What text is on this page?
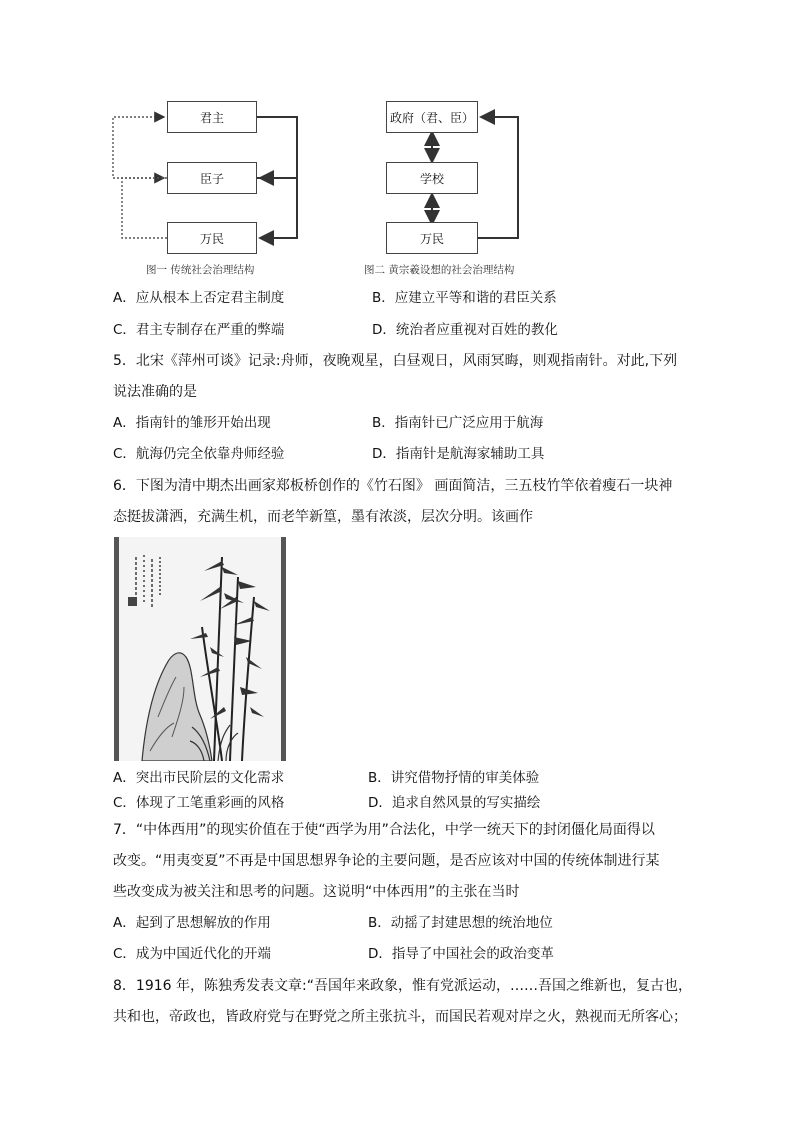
君主
臣子
万民
图一 传统社会治理结构
政府（君、臣）
学校
万民
图二 黄宗羲设想的社会治理结构
A．应从根本上否定君主制度	B．应建立平等和谐的君臣关系
C．君主专制存在严重的弊端	D．统治者应重视对百姓的教化
5．北宋《萍州可谈》记录:舟师，夜晚观星，白昼观日，风雨冥晦，则观指南针。对此,下列
说法准确的是
A．指南针的雏形开始出现	B．指南针已广泛应用于航海
C．航海仍完全依靠舟师经验	D．指南针是航海家辅助工具
6．下图为清中期杰出画家郑板桥创作的《竹石图》 画面简洁，三五枝竹竿依着瘦石一块神
态挺拔潇洒，充满生机，而老竿新篁，墨有浓淡，层次分明。该画作
A．突出市民阶层的文化需求	B．讲究借物抒情的审美体验
C．体现了工笔重彩画的风格	D．追求自然风景的写实描绘
7．“中体西用”的现实价值在于使“西学为用”合法化，中学一统天下的封闭僵化局面得以
改变。“用夷变夏”不再是中国思想界争论的主要问题，是否应该对中国的传统体制进行某
些改变成为被关注和思考的问题。这说明“中体西用”的主张在当时
A．起到了思想解放的作用	B．动摇了封建思想的统治地位
C．成为中国近代化的开端	D．指导了中国社会的政治变革
8．1916 年，陈独秀发表文章:“吾国年来政象，惟有党派运动，……吾国之维新也，复古也，
共和也，帝政也，皆政府党与在野党之所主张抗斗，而国民若观对岸之火，熟视而无所客心；
